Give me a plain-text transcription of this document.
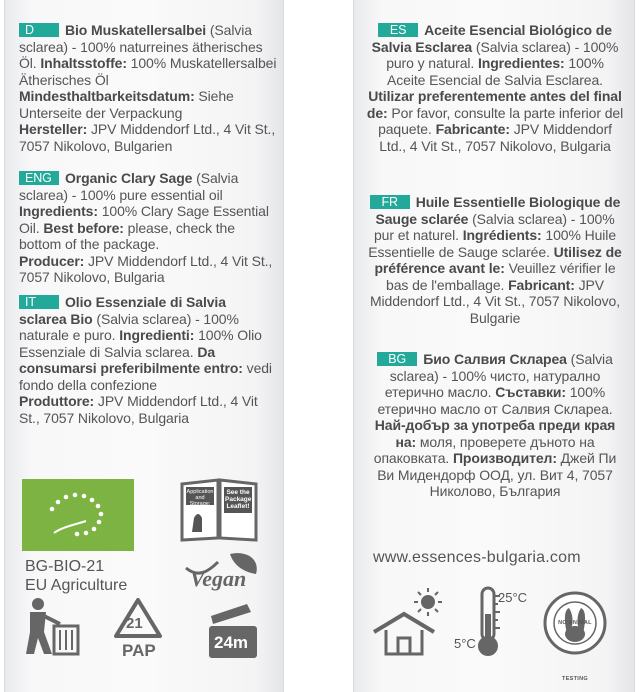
D Bio Muskatellersalbei (Salvia sclarea) - 100% naturreines ätherisches Öl. Inhaltsstoffe: 100% Muskatellersalbei Ätherisches Öl
Mindesthaltbarkeitsdatum: Siehe Unterseite der Verpackung
Hersteller: JPV Middendorf Ltd., 4 Vit St., 7057 Nikolovo, Bulgarien
ENG Organic Clary Sage (Salvia sclarea) - 100% pure essential oil Ingredients: 100% Clary Sage Essential Oil. Best before: please, check the bottom of the package.
Producer: JPV Middendorf Ltd., 4 Vit St., 7057 Nikolovo, Bulgaria
IT Olio Essenziale di Salvia sclarea Bio (Salvia sclarea) - 100% naturale e puro. Ingredienti: 100% Olio Essenziale di Salvia sclarea. Da consumarsi preferibilmente entro: vedi fondo della confezione
Produttore: JPV Middendorf Ltd., 4 Vit St., 7057 Nikolovo, Bulgaria
BG-BIO-21
EU Agriculture
Application and Storage:
See the Package Leaflet!
Vegan
21
PAP	24m
ES Aceite Esencial Biológico de Salvia Esclarea (Salvia sclarea) - 100% puro y natural. Ingredientes: 100% Aceite Esencial de Salvia Esclarea. Utilizar preferentemente antes del final de: Por favor, consulte la parte inferior del paquete. Fabricante: JPV Middendorf Ltd., 4 Vit St., 7057 Nikolovo, Bulgaria
FR Huile Essentielle Biologique de Sauge sclarée (Salvia sclarea) - 100% pur et naturel. Ingrédients: 100% Huile Essentielle de Sauge sclarée. Utilisez de préférence avant le: Veuillez vérifier le bas de l'emballage. Fabricant: JPV Middendorf Ltd., 4 Vit St., 7057 Nikolovo, Bulgarie
BG Био Салвия Склареа (Salvia sclarea) - 100% чисто, натурално етерично масло. Съставки: 100% етерично масло от Салвия Склареа. Най-добър за употреба преди края на: моля, проверете дъното на опаковката. Производител: Джей Пи Ви Мидендорф ООД, ул. Вит 4, 7057 Николово, България
www.essences-bulgaria.com
25°C
5°C
NO ANIMAL TESTING
